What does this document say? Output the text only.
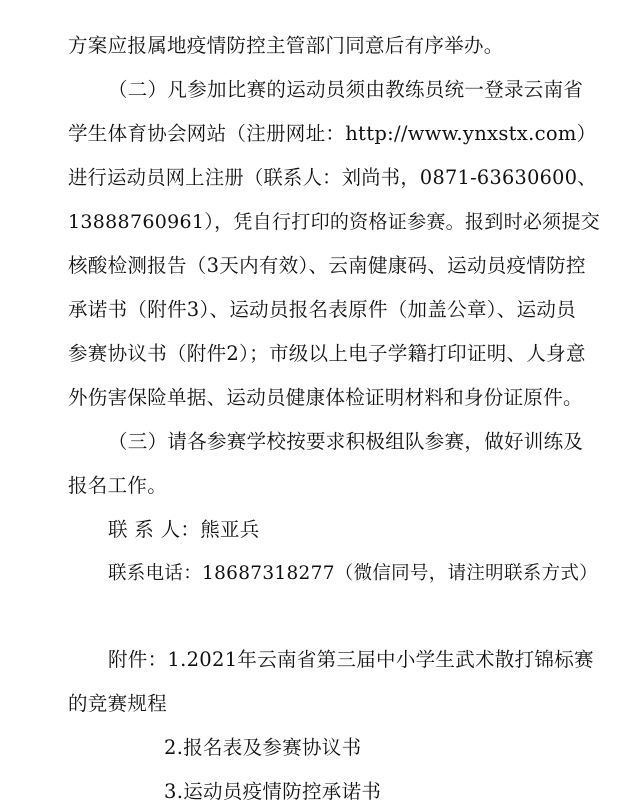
方案应报属地疫情防控主管部门同意后有序举办。
（二）凡参加比赛的运动员须由教练员统一登录云南省
学生体育协会网站（注册网址：http://www.ynxstx.com）
进行运动员网上注册（联系人：刘尚书，0871-63630600、
13888760961），凭自行打印的资格证参赛。报到时必须提交
核酸检测报告（3天内有效）、云南健康码、运动员疫情防控
承诺书（附件3）、运动员报名表原件（加盖公章）、运动员
参赛协议书（附件2）；市级以上电子学籍打印证明、人身意
外伤害保险单据、运动员健康体检证明材料和身份证原件。
（三）请各参赛学校按要求积极组队参赛，做好训练及
报名工作。
联 系 人：熊亚兵
联系电话：18687318277（微信同号，请注明联系方式）
附件：1.2021年云南省第三届中小学生武术散打锦标赛
的竞赛规程
2.报名表及参赛协议书
3.运动员疫情防控承诺书
